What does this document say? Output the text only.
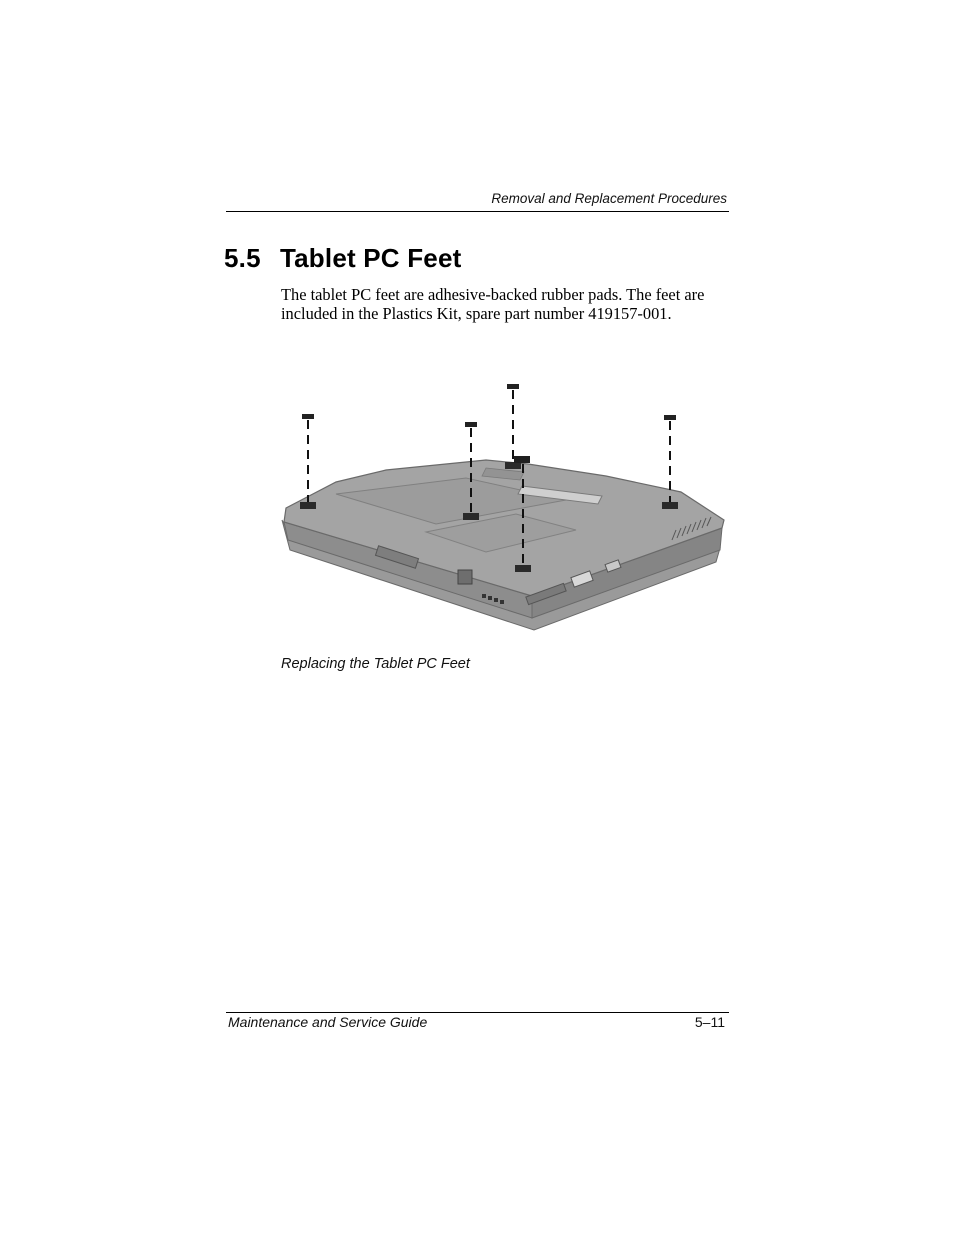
Removal and Replacement Procedures
5.5 Tablet PC Feet

The tablet PC feet are adhesive-backed rubber pads. The feet are included in the Plastics Kit, spare part number 419157-001.

Replacing the Tablet PC Feet
Maintenance and Service Guide	5–11
